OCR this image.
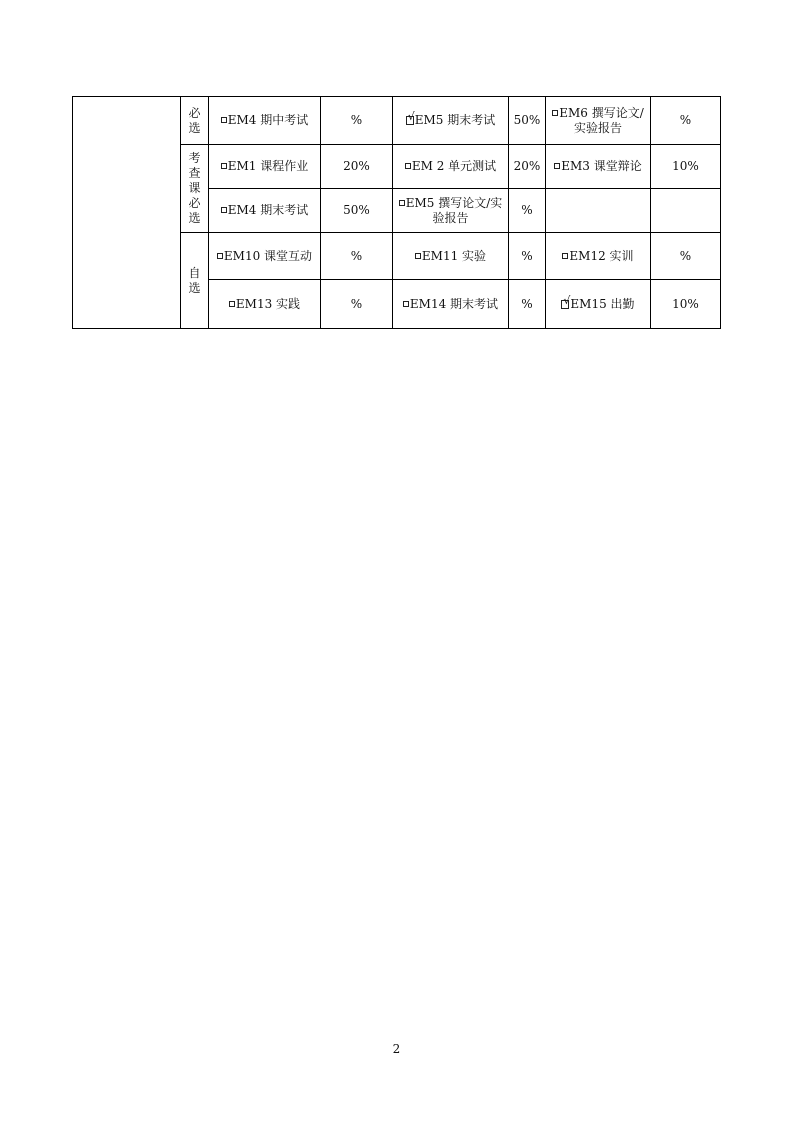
	必选	EM4 期中考试	%	√ EM5 期末考试	50%	EM6 撰写论文/实验报告	%
	考查课必选	EM1 课程作业	20%	EM 2 单元测试	20%	EM3 课堂辩论	10%
		EM4 期末考试	50%	EM5 撰写论文/实验报告	%		
	自选	EM10 课堂互动	%	EM11 实验	%	EM12 实训	%
		EM13 实践	%	EM14 期末考试	%	√ EM15 出勤	10%
2
